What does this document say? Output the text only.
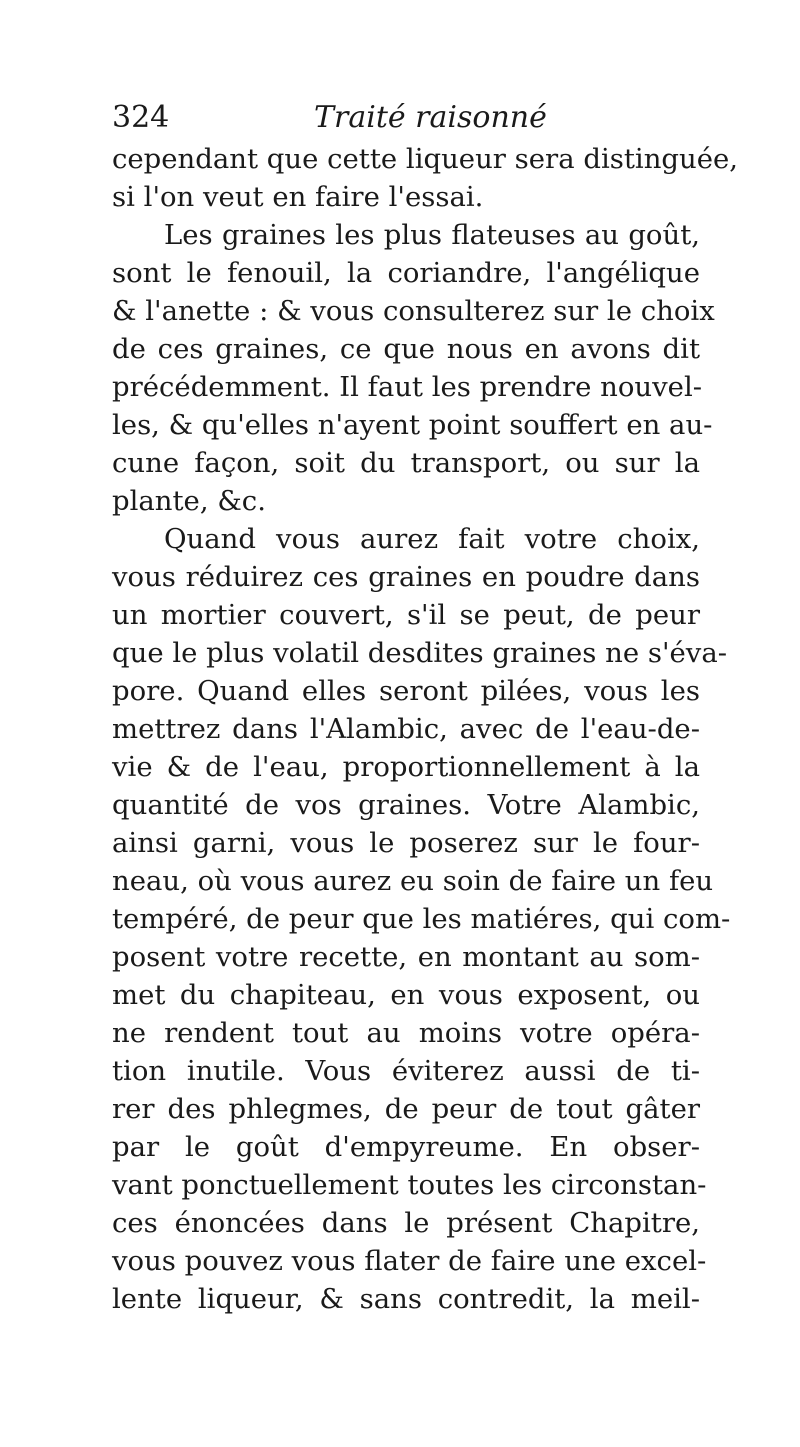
324	Traité raisonné
cependant que cette liqueur sera distinguée,
si l'on veut en faire l'essai.
Les graines les plus flateuses au goût,
sont le fenouil, la coriandre, l'angélique
& l'anette : & vous consulterez sur le choix
de ces graines, ce que nous en avons dit
précédemment. Il faut les prendre nouvel-
les, & qu'elles n'ayent point souffert en au-
cune façon, soit du transport, ou sur la
plante, &c.
Quand vous aurez fait votre choix,
vous réduirez ces graines en poudre dans
un mortier couvert, s'il se peut, de peur
que le plus volatil desdites graines ne s'éva-
pore. Quand elles seront pilées, vous les
mettrez dans l'Alambic, avec de l'eau-de-
vie & de l'eau, proportionnellement à la
quantité de vos graines. Votre Alambic,
ainsi garni, vous le poserez sur le four-
neau, où vous aurez eu soin de faire un feu
tempéré, de peur que les matiéres, qui com-
posent votre recette, en montant au som-
met du chapiteau, en vous exposent, ou
ne rendent tout au moins votre opéra-
tion inutile. Vous éviterez aussi de ti-
rer des phlegmes, de peur de tout gâter
par le goût d'empyreume. En obser-
vant ponctuellement toutes les circonstan-
ces énoncées dans le présent Chapitre,
vous pouvez vous flater de faire une excel-
lente liqueur, & sans contredit, la meil-
